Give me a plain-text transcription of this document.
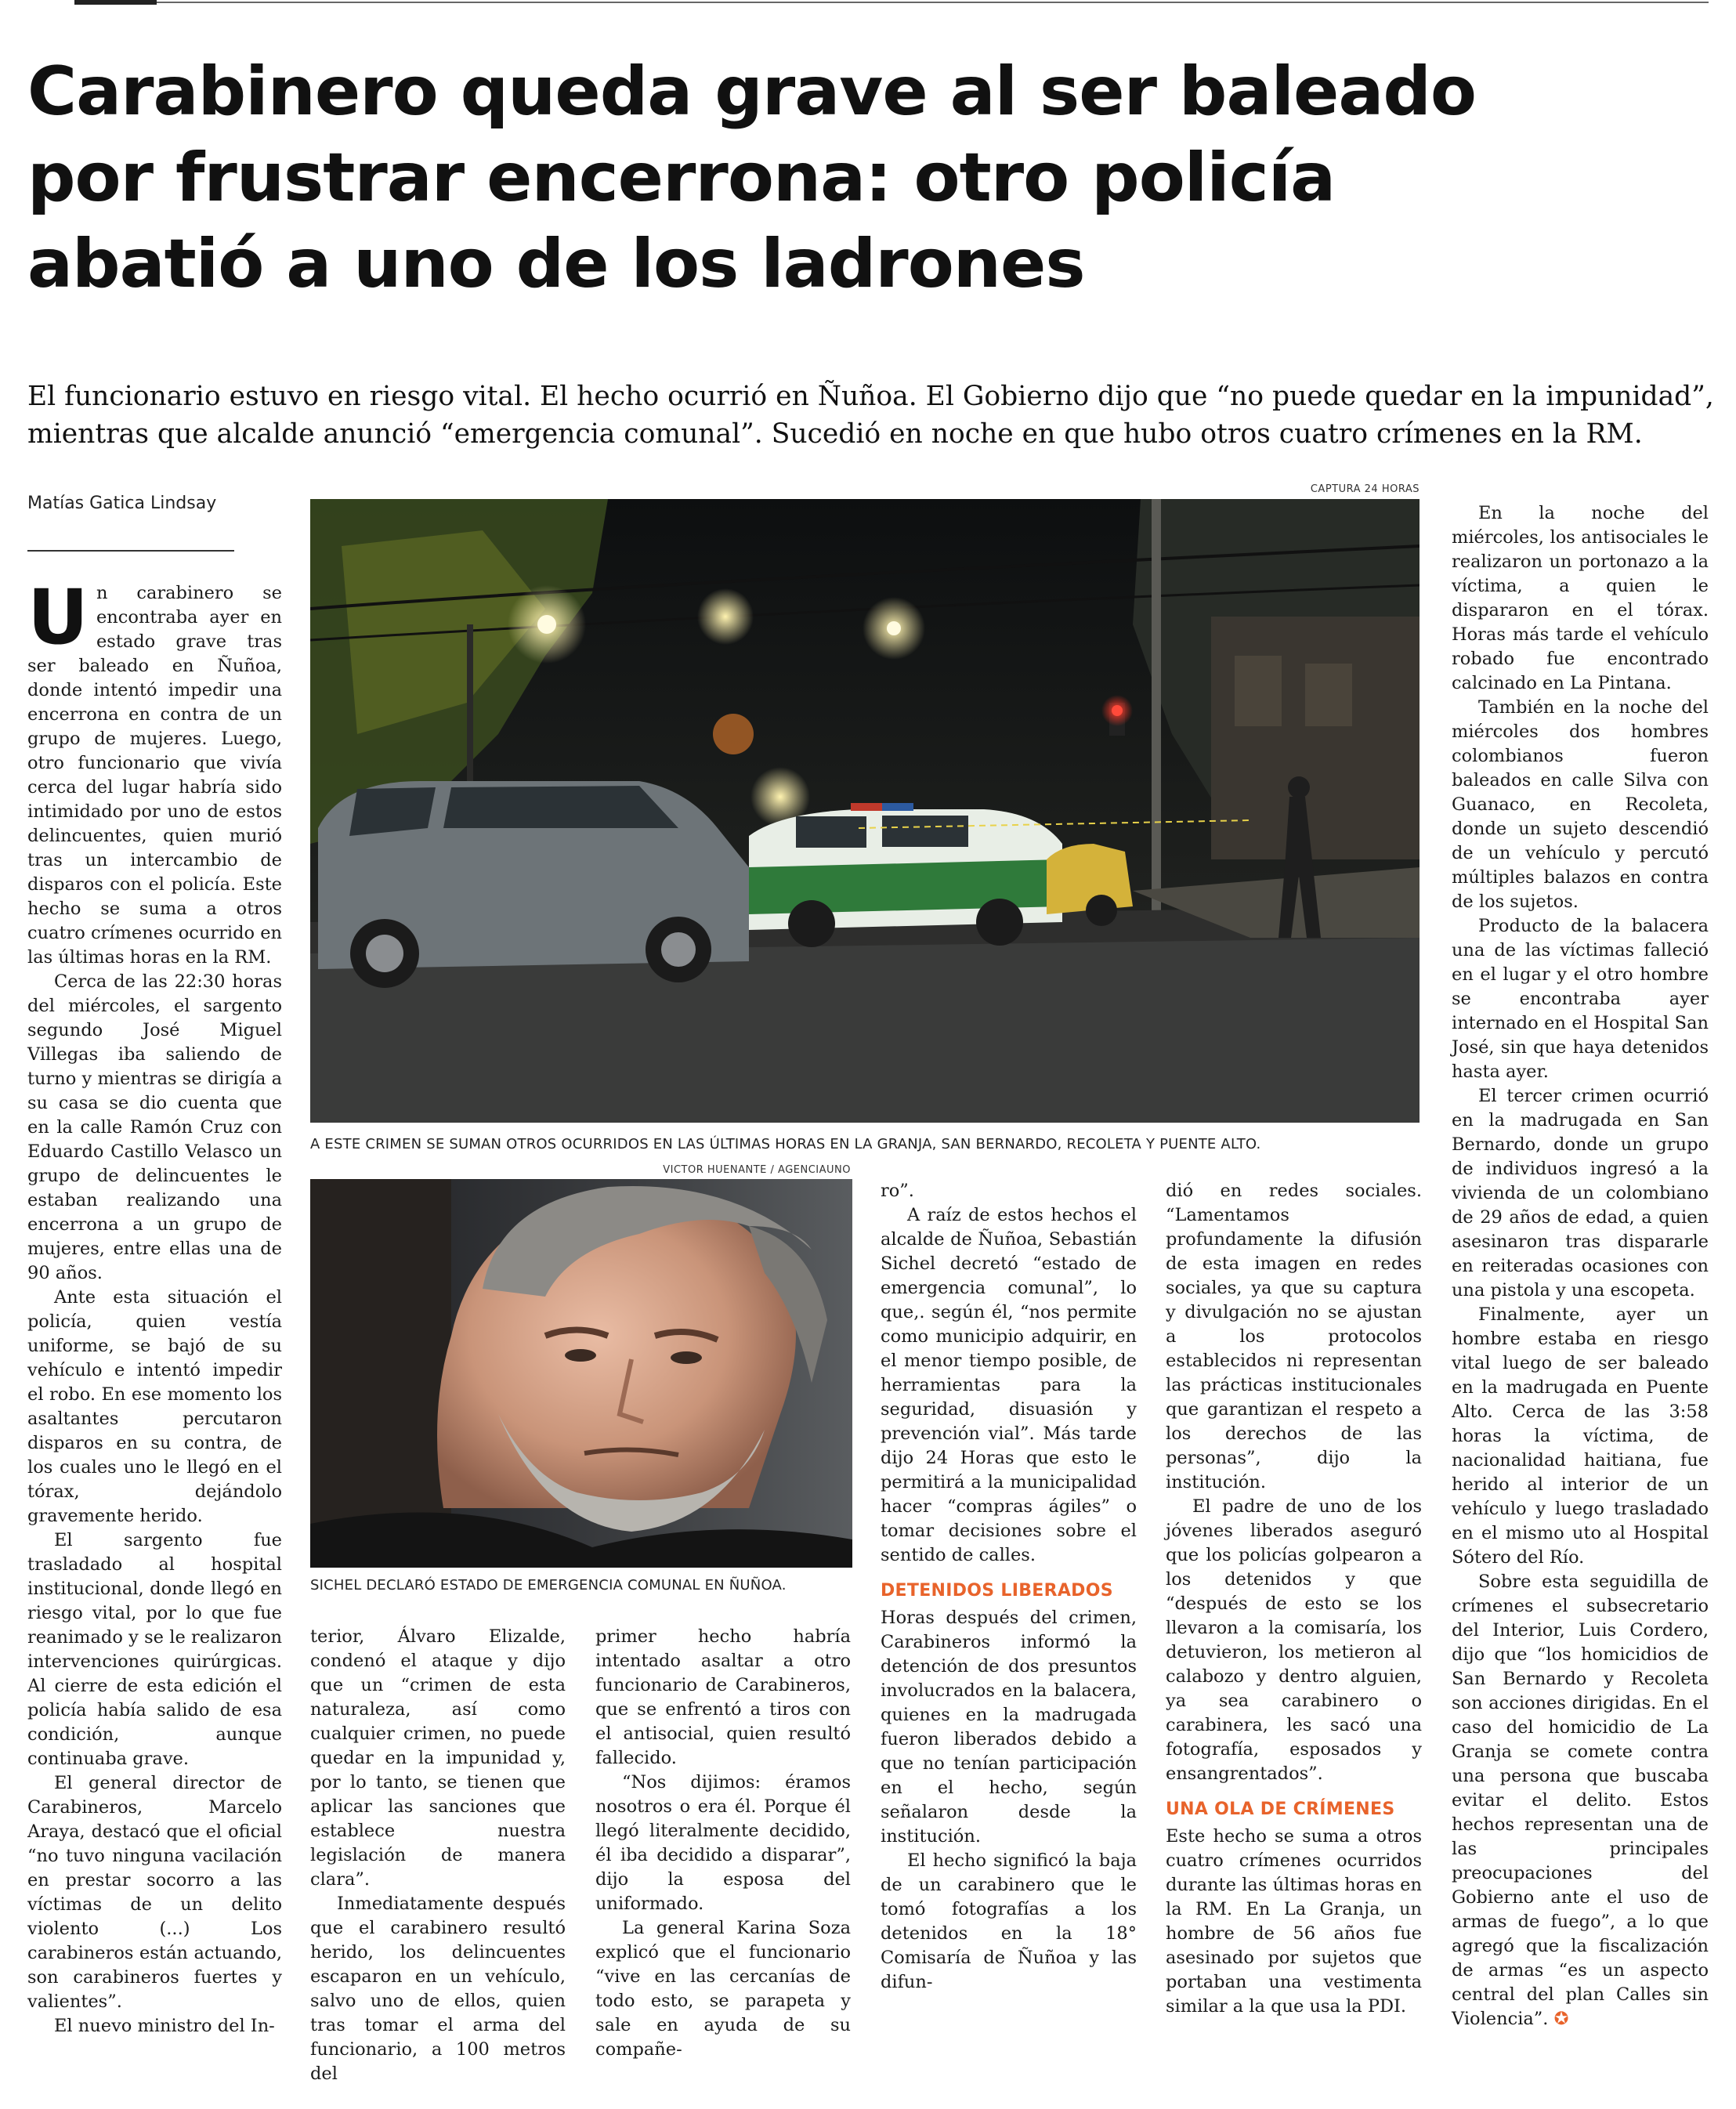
Carabinero queda grave al ser baleado
por frustrar encerrona: otro policía
abatió a uno de los ladrones
El funcionario estuvo en riesgo vital. El hecho ocurrió en Ñuñoa. El Gobierno dijo que “no puede quedar en la impunidad”,
mientras que alcalde anunció “emergencia comunal”. Sucedió en noche en que hubo otros cuatro crímenes en la RM.
Matías Gatica Lindsay
CAPTURA 24 HORAS
A ESTE CRIMEN SE SUMAN OTROS OCURRIDOS EN LAS ÚLTIMAS HORAS EN LA GRANJA, SAN BERNARDO, RECOLETA Y PUENTE ALTO.
VICTOR HUENANTE / AGENCIAUNO
SICHEL DECLARÓ ESTADO DE EMERGENCIA COMUNAL EN ÑUÑOA.

Un carabinero se encontraba ayer en estado grave tras ser baleado en Ñuñoa, donde intentó impedir una encerrona en contra de un grupo de mujeres. Luego, otro funcionario que vivía cerca del lugar habría sido intimidado por uno de estos delincuentes, quien murió tras un intercambio de disparos con el policía. Este hecho se suma a otros cuatro crímenes ocurrido en las últimas horas en la RM.

Cerca de las 22:30 horas del miércoles, el sargento segundo José Miguel Villegas iba saliendo de turno y mientras se dirigía a su casa se dio cuenta que en la calle Ramón Cruz con Eduardo Castillo Velasco un grupo de delincuentes le estaban realizando una encerrona a un grupo de mujeres, entre ellas una de 90 años.

Ante esta situación el policía, quien vestía uniforme, se bajó de su vehículo e intentó impedir el robo. En ese momento los asaltantes percutaron disparos en su contra, de los cuales uno le llegó en el tórax, dejándolo gravemente herido.

El sargento fue trasladado al hospital institucional, donde llegó en riesgo vital, por lo que fue reanimado y se le realizaron intervenciones quirúrgicas. Al cierre de esta edición el policía había salido de esa condición, aunque continuaba grave.

El general director de Carabineros, Marcelo Araya, destacó que el oficial “no tuvo ninguna vacilación en prestar socorro a las víctimas de un delito violento (...) Los carabineros están actuando, son carabineros fuertes y valientes”.

El nuevo ministro del In-

terior, Álvaro Elizalde, condenó el ataque y dijo que un “crimen de esta naturaleza, así como cualquier crimen, no puede quedar en la impunidad y, por lo tanto, se tienen que aplicar las sanciones que establece nuestra legislación de manera clara”.

Inmediatamente después que el carabinero resultó herido, los delincuentes escaparon en un vehículo, salvo uno de ellos, quien tras tomar el arma del funcionario, a 100 metros del

primer hecho habría intentado asaltar a otro funcionario de Carabineros, que se enfrentó a tiros con el antisocial, quien resultó fallecido.

“Nos dijimos: éramos nosotros o era él. Porque él llegó literalmente decidido, él iba decidido a disparar”, dijo la esposa del uniformado.

La general Karina Soza explicó que el funcionario “vive en las cercanías de todo esto, se parapeta y sale en ayuda de su compañe-

ro”.

A raíz de estos hechos el alcalde de Ñuñoa, Sebastián Sichel decretó “estado de emergencia comunal”, lo que,. según él, “nos permite como municipio adquirir, en el menor tiempo posible, de herramientas para la seguridad, disuasión y prevención vial”. Más tarde dijo 24 Horas que esto le permitirá a la municipalidad hacer “compras ágiles” o tomar decisiones sobre el sentido de calles.

DETENIDOS LIBERADOS

Horas después del crimen, Carabineros informó la detención de dos presuntos involucrados en la balacera, quienes en la madrugada fueron liberados debido a que no tenían participación en el hecho, según señalaron desde la institución.

El hecho significó la baja de un carabinero que le tomó fotografías a los detenidos en la 18° Comisaría de Ñuñoa y las difun-

dió en redes sociales. “Lamentamos profundamente la difusión de esta imagen en redes sociales, ya que su captura y divulgación no se ajustan a los protocolos establecidos ni representan las prácticas institucionales que garantizan el respeto a los derechos de las personas”, dijo la institución.

El padre de uno de los jóvenes liberados aseguró que los policías golpearon a los detenidos y que “después de esto se los llevaron a la comisaría, los detuvieron, los metieron al calabozo y dentro alguien, ya sea carabinero o carabinera, les sacó una fotografía, esposados y ensangrentados”.

UNA OLA DE CRÍMENES

Este hecho se suma a otros cuatro crímenes ocurridos durante las últimas horas en la RM. En La Granja, un hombre de 56 años fue asesinado por sujetos que portaban una vestimenta similar a la que usa la PDI.

En la noche del miércoles, los antisociales le realizaron un portonazo a la víctima, a quien le dispararon en el tórax. Horas más tarde el vehículo robado fue encontrado calcinado en La Pintana.

También en la noche del miércoles dos hombres colombianos fueron baleados en calle Silva con Guanaco, en Recoleta, donde un sujeto descendió de un vehículo y percutó múltiples balazos en contra de los sujetos.

Producto de la balacera una de las víctimas falleció en el lugar y el otro hombre se encontraba ayer internado en el Hospital San José, sin que haya detenidos hasta ayer.

El tercer crimen ocurrió en la madrugada en San Bernardo, donde un grupo de individuos ingresó a la vivienda de un colombiano de 29 años de edad, a quien asesinaron tras dispararle en reiteradas ocasiones con una pistola y una escopeta.

Finalmente, ayer un hombre estaba en riesgo vital luego de ser baleado en la madrugada en Puente Alto. Cerca de las 3:58 horas la víctima, de nacionalidad haitiana, fue herido al interior de un vehículo y luego trasladado en el mismo uto al Hospital Sótero del Río.

Sobre esta seguidilla de crímenes el subsecretario del Interior, Luis Cordero, dijo que “los homicidios de San Bernardo y Recoleta son acciones dirigidas. En el caso del homicidio de La Granja se comete contra una persona que buscaba evitar el delito. Estos hechos representan una de las principales preocupaciones del Gobierno ante el uso de armas de fuego”, a lo que agregó que la fiscalización de armas “es un aspecto central del plan Calles sin Violencia”. ✪
